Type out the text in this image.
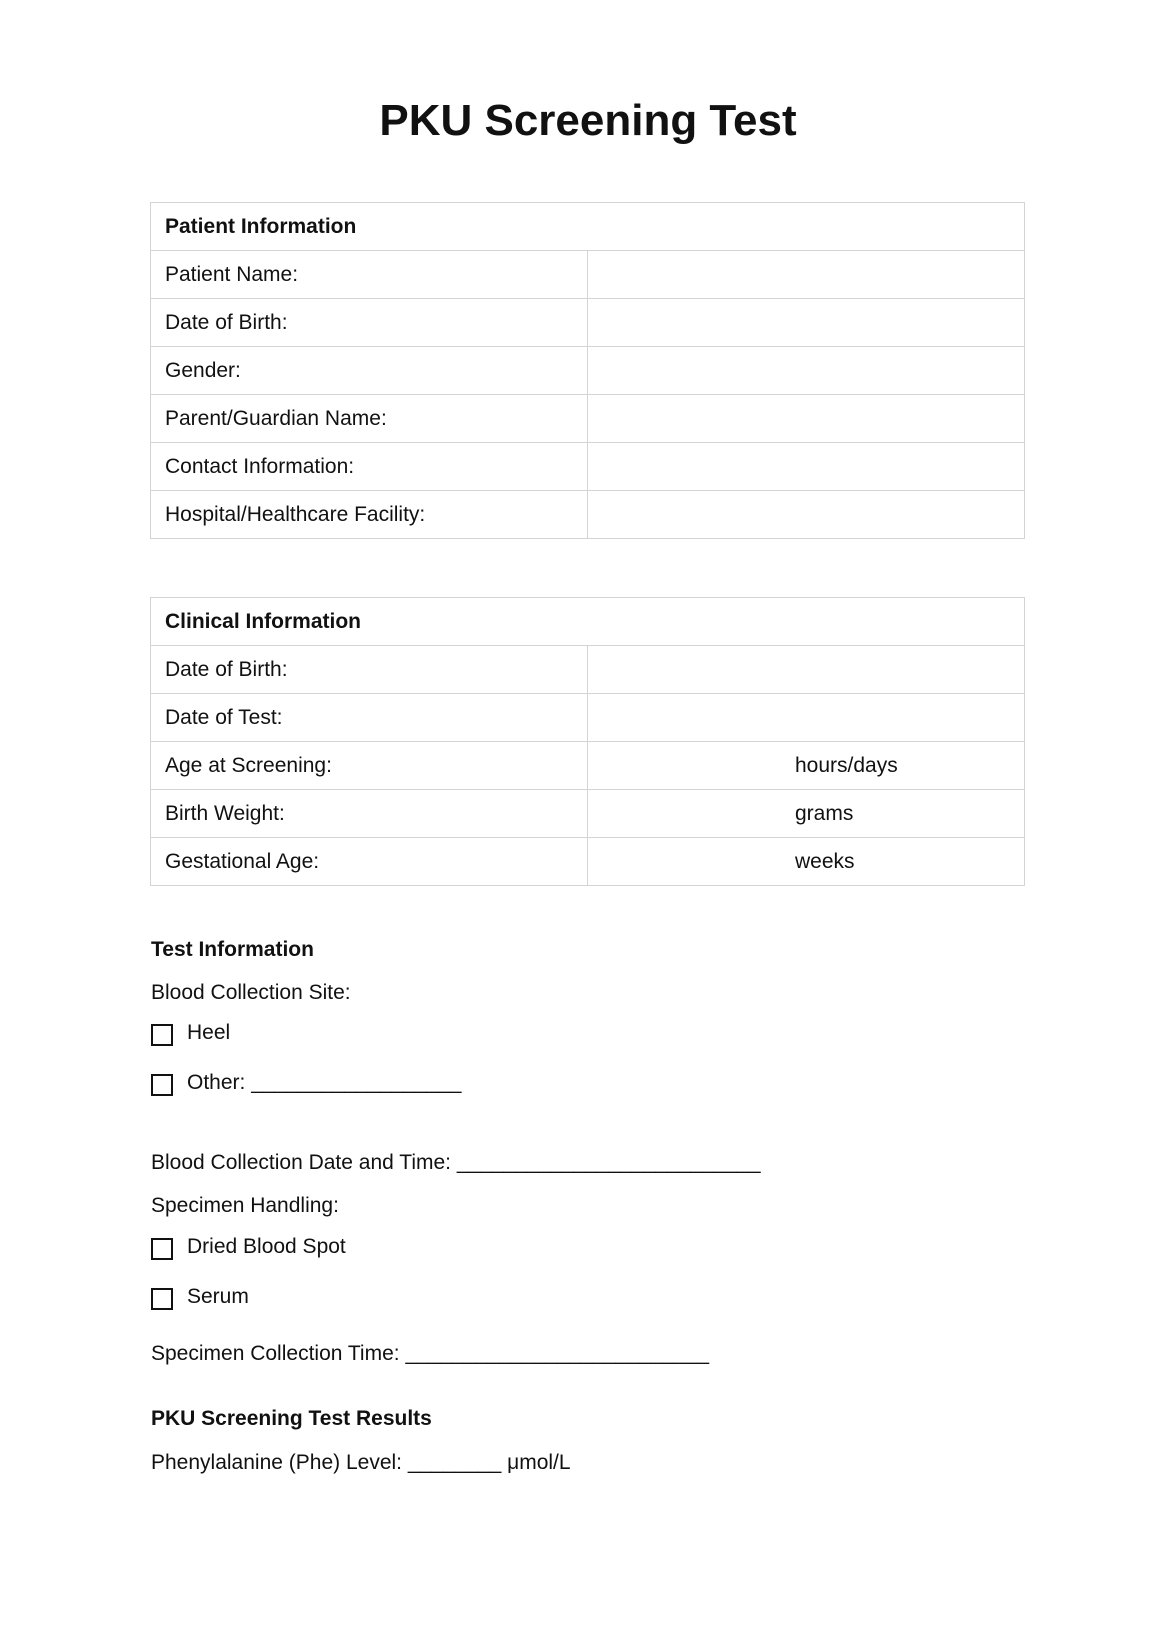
PKU Screening Test
Patient Information	
Patient Name:	
Date of Birth:	
Gender:	
Parent/Guardian Name:	
Contact Information:	
Hospital/Healthcare Facility:	
Clinical Information	
Date of Birth:	

Date of Test:	

Age at Screening:	hours/days

Birth Weight:	grams

Gestational Age:	weeks
Test Information
Blood Collection Site:
Heel
Other: __________________
Blood Collection Date and Time: __________________________
Specimen Handling:
Dried Blood Spot
Serum
Specimen Collection Time: __________________________
PKU Screening Test Results
Phenylalanine (Phe) Level: ________ μmol/L
